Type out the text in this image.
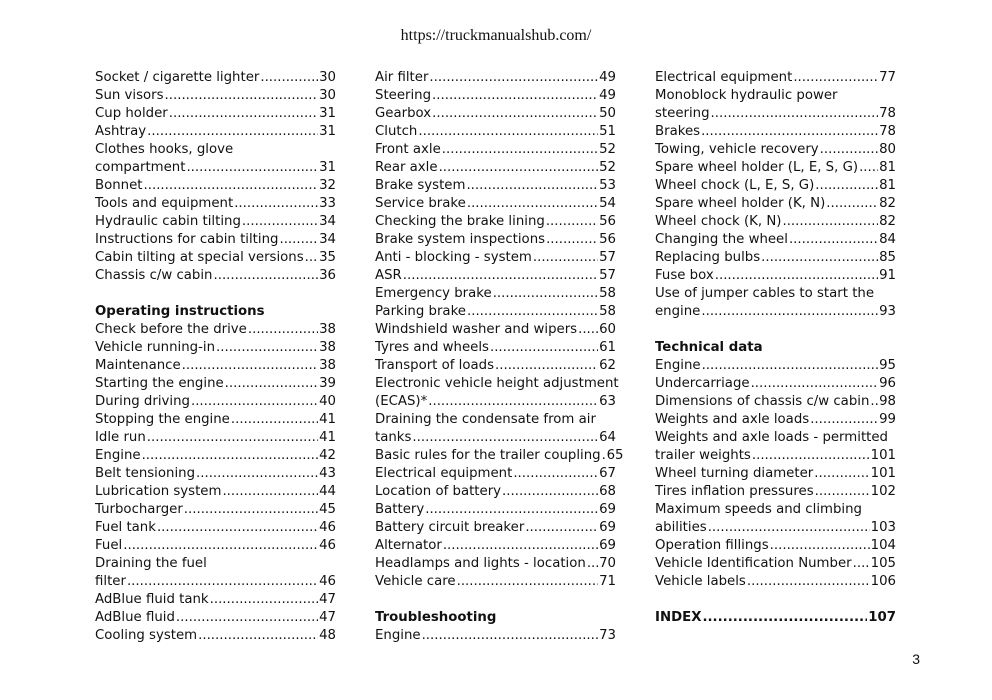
https://truckmanualshub.com/
Socket / cigarette lighter .....	30
Sun visors .....	30
Cup holder .....	31
Ashtray .....	31
Clothes hooks, glove
compartment .....	31
Bonnet .....	32
Tools and equipment .....	33
Hydraulic cabin tilting .....	34
Instructions for cabin tilting .....	34
Cabin tilting at special versions ..... 35
Chassis c/w cabin .....	36
Operating instructions
Check before the drive .....	38
Vehicle running-in .....	38
Maintenance .....	38
Starting the engine .....	39
During driving .....	40
Stopping the engine .....	41
Idle run .....	41
Engine .....	42
Belt tensioning .....	43
Lubrication system .....	44
Turbocharger .....	45
Fuel tank .....	46
Fuel .....	46
Draining the fuel
filter .....	46
AdBlue fluid tank .....	47
AdBlue fluid .....	47
Cooling system .....	48
Air filter .....	49
Steering .....	49
Gearbox .....	50
Clutch .....	51
Front axle .....	52
Rear axle .....	52
Brake system .....	53
Service brake .....	54
Checking the brake lining .....	56
Brake system inspections .....	56
Anti - blocking - system .....	57
ASR .....	57
Emergency brake .....	58
Parking brake .....	58
Windshield washer and wipers ..... 60
Tyres and wheels .....	61
Transport of loads .....	62
Electronic vehicle height adjustment
(ECAS)* .....	63
Draining the condensate from air
tanks .....	64
Basic rules for the trailer coupling ..... 65
Electrical equipment .....	67
Location of battery .....	68
Battery .....	69
Battery circuit breaker .....	69
Alternator .....	69
Headlamps and lights - location ..... 70
Vehicle care .....	71
Troubleshooting
Engine .....	73
Electrical equipment .....	77
Monoblock hydraulic power
steering .....	78
Brakes .....	78
Towing, vehicle recovery .....	80
Spare wheel holder (L, E, S, G) ..... 81
Wheel chock (L, E, S, G) .....	81
Spare wheel holder (K, N) .....	82
Wheel chock (K, N) .....	82
Changing the wheel .....	84
Replacing bulbs .....	85
Fuse box .....	91
Use of jumper cables to start the
engine .....	93
Technical data
Engine .....	95
Undercarriage .....	96
Dimensions of chassis c/w cabin ..... 98
Weights and axle loads .....	99
Weights and axle loads - permitted
trailer weights .....	101
Wheel turning diameter .....	101
Tires inflation pressures .....	102
Maximum speeds and climbing
abilities .....	103
Operation fillings .....	104
Vehicle Identification Number ..... 105
Vehicle labels .....	106
INDEX .....	107
3
